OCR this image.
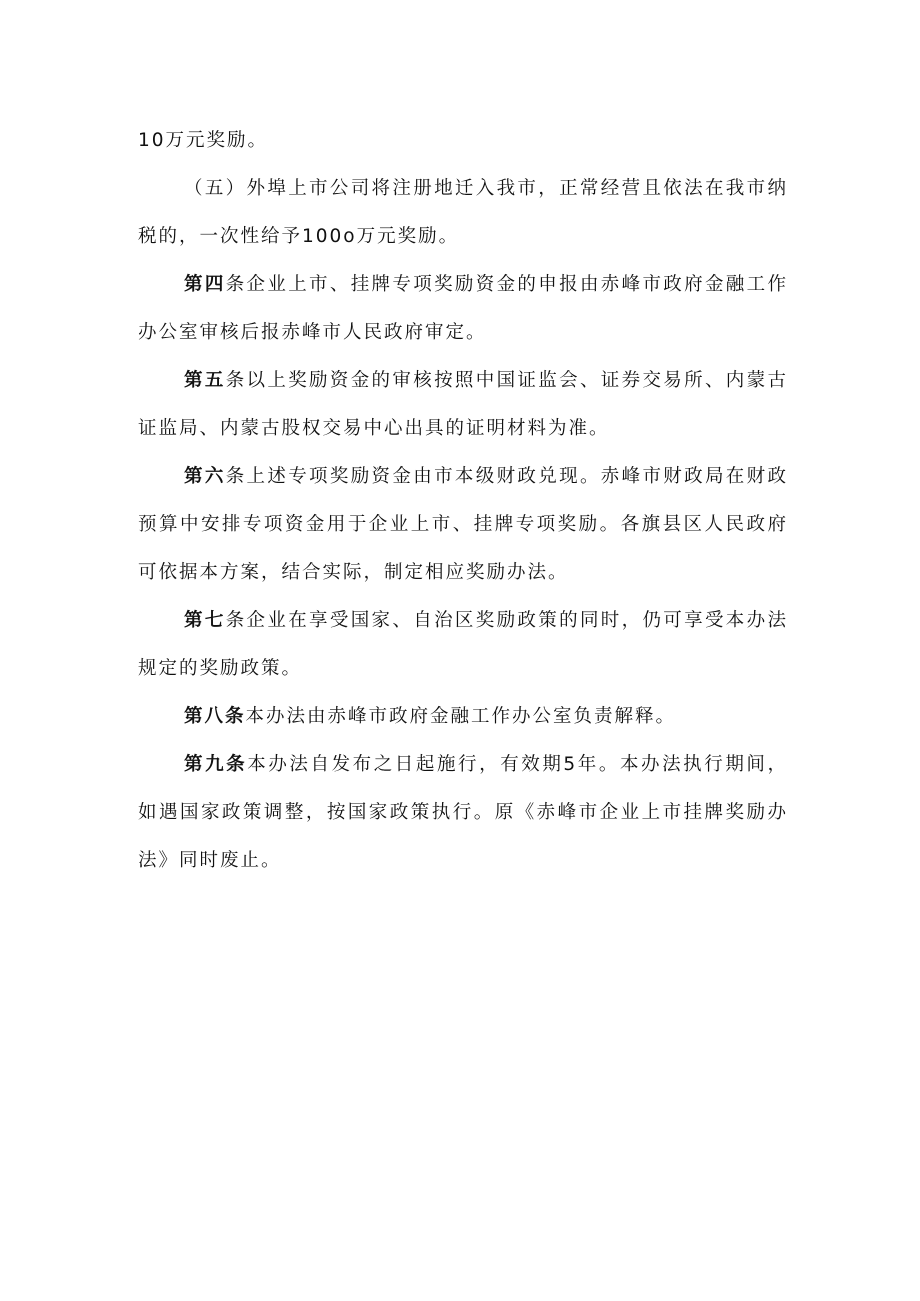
10万元奖励。

（五）外埠上市公司将注册地迁入我市，正常经营且依法在我市纳税的，一次性给予100o万元奖励。

第四条企业上市、挂牌专项奖励资金的申报由赤峰市政府金融工作办公室审核后报赤峰市人民政府审定。

第五条以上奖励资金的审核按照中国证监会、证券交易所、内蒙古证监局、内蒙古股权交易中心出具的证明材料为准。

第六条上述专项奖励资金由市本级财政兑现。赤峰市财政局在财政预算中安排专项资金用于企业上市、挂牌专项奖励。各旗县区人民政府可依据本方案，结合实际，制定相应奖励办法。

第七条企业在享受国家、自治区奖励政策的同时，仍可享受本办法规定的奖励政策。

第八条本办法由赤峰市政府金融工作办公室负责解释。

第九条本办法自发布之日起施行，有效期5年。本办法执行期间，如遇国家政策调整，按国家政策执行。原《赤峰市企业上市挂牌奖励办法》同时废止。
